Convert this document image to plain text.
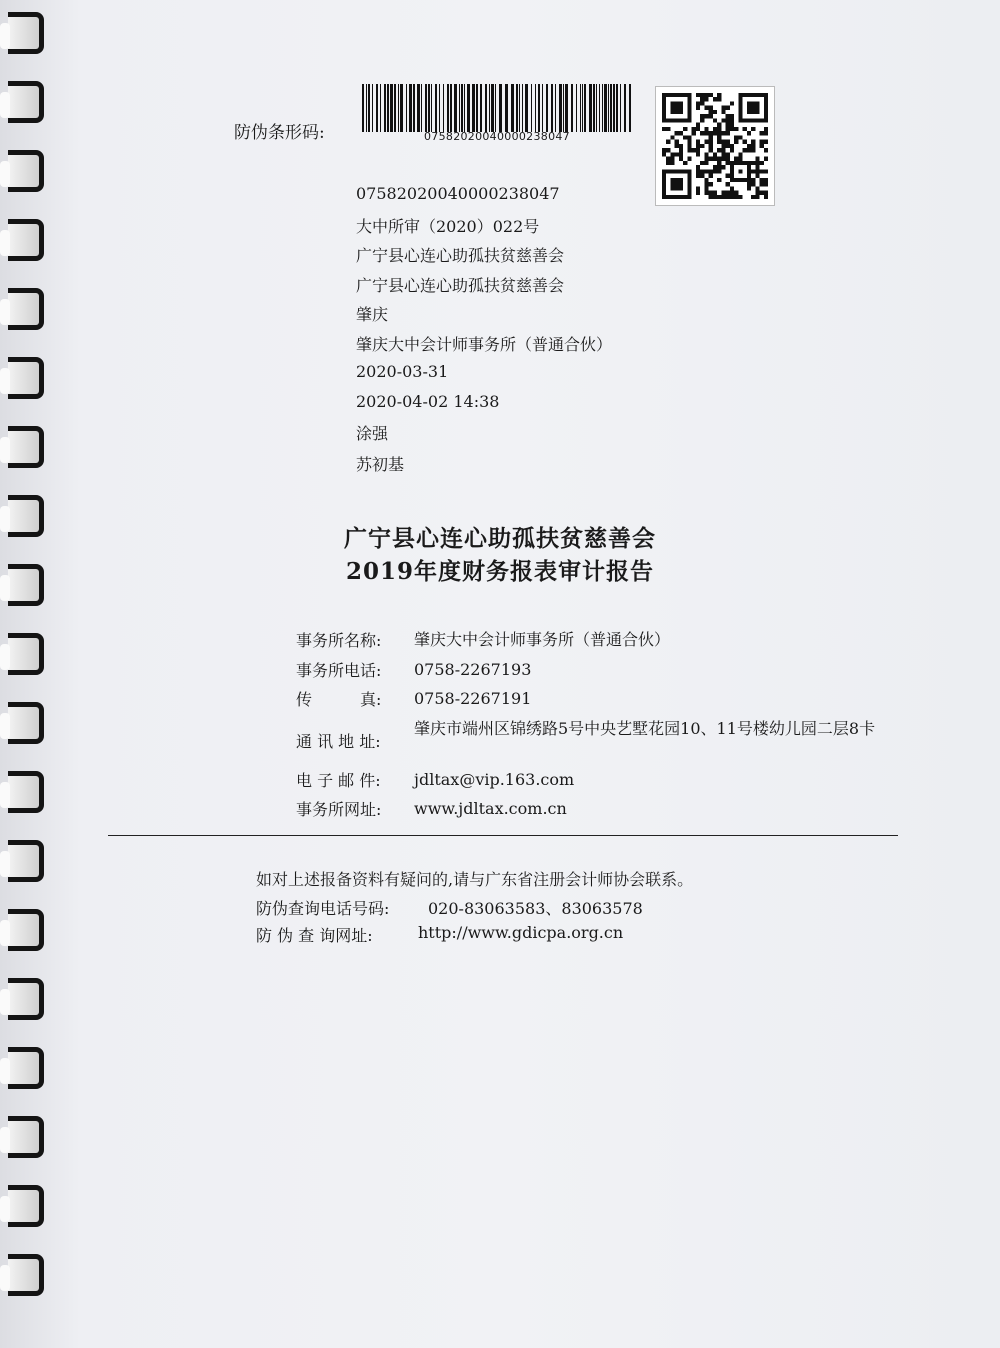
防伪条形码:	07582020040000238047
07582020040000238047
大中所审（2020）022号
广宁县心连心助孤扶贫慈善会
广宁县心连心助孤扶贫慈善会
肇庆
肇庆大中会计师事务所（普通合伙）
2020-03-31
2020-04-02 14:38
涂强
苏初基
广宁县心连心助孤扶贫慈善会
2019年度财务报表审计报告
事务所名称: 肇庆大中会计师事务所（普通合伙）
事务所电话: 0758-2267193
传　　　真: 0758-2267191
通 讯 地 址:
肇庆市端州区锦绣路5号中央艺墅花园10、11号楼幼儿园二层8卡
电 子 邮 件: jdltax@vip.163.com
事务所网址: www.jdltax.com.cn
如对上述报备资料有疑问的,请与广东省注册会计师协会联系。
防伪查询电话号码: 020-83063583、83063578
防 伪 查 询网址:	http://www.gdicpa.org.cn
